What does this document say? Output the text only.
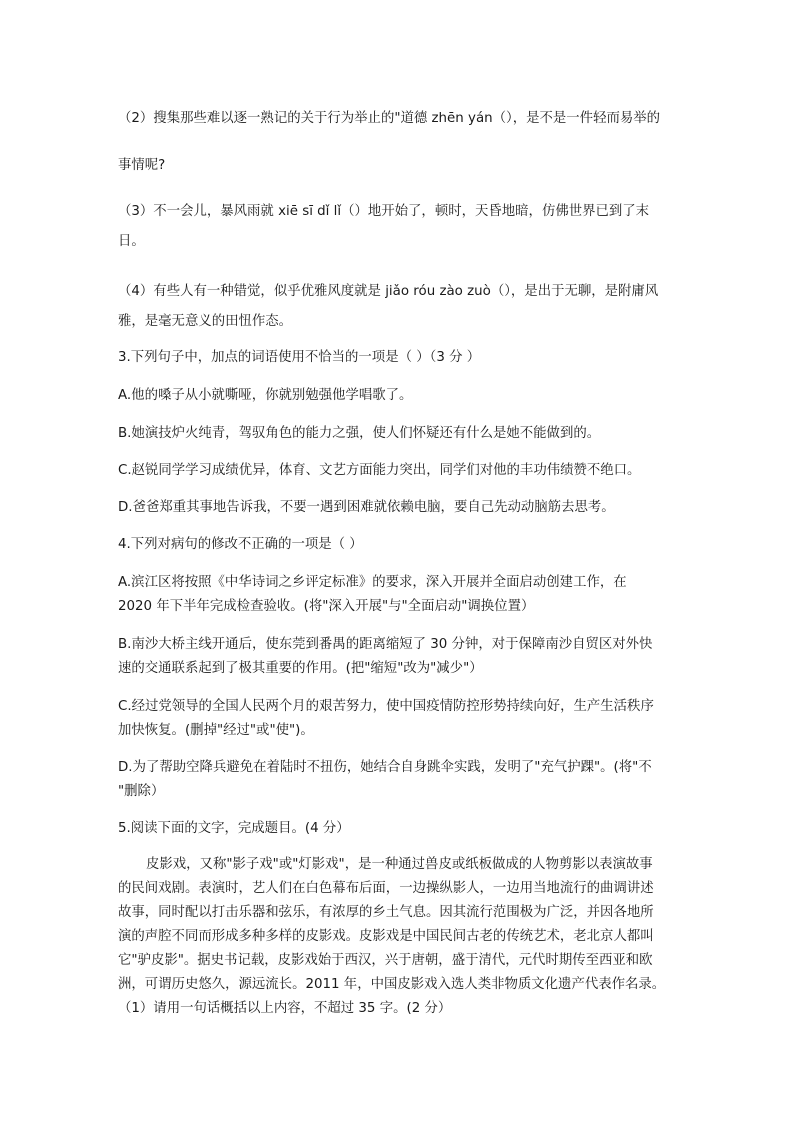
（2）搜集那些难以逐一熟记的关于行为举止的"道德 zhēn yán（），是不是一件轻而易举的
事情呢?
（3）不一会儿，暴风雨就 xiē sī dǐ lǐ（）地开始了，顿时，天昏地暗，仿佛世界已到了末
日。
（4）有些人有一种错觉，似乎优雅风度就是 jiǎo róu zào zuò（），是出于无聊，是附庸风
雅，是毫无意义的田忸作态。
3.下列句子中，加点的词语使用不恰当的一项是（ ）（3 分 ）
A.他的嗓子从小就嘶哑，你就别勉强他学唱歌了。
B.她演技炉火纯青，驾驭角色的能力之强，使人们怀疑还有什么是她不能做到的。
C.赵锐同学学习成绩优异，体育、文艺方面能力突出，同学们对他的丰功伟绩赞不绝口。
D.爸爸郑重其事地告诉我，不要一遇到困难就依赖电脑，要自己先动动脑筋去思考。
4.下列对病句的修改不正确的一项是（ ）
A.滨江区将按照《中华诗词之乡评定标准》的要求，深入开展并全面启动创建工作，在
2020 年下半年完成检查验收。(将"深入开展"与"全面启动"调换位置）
B.南沙大桥主线开通后，使东莞到番禺的距离缩短了 30 分钟，对于保障南沙自贸区对外快
速的交通联系起到了极其重要的作用。(把"缩短"改为"减少"）
C.经过党领导的全国人民两个月的艰苦努力，使中国疫情防控形势持续向好，生产生活秩序
加快恢复。(删掉"经过"或"使")。
D.为了帮助空降兵避免在着陆时不扭伤，她结合自身跳伞实践，发明了"充气护踝"。(将"不
"删除）
5.阅读下面的文字，完成题目。(4 分）
皮影戏，又称"影子戏"或"灯影戏"，是一种通过兽皮或纸板做成的人物剪影以表演故事
的民间戏剧。表演时，艺人们在白色幕布后面，一边操纵影人，一边用当地流行的曲调讲述
故事，同时配以打击乐器和弦乐，有浓厚的乡土气息。因其流行范围极为广泛，并因各地所
演的声腔不同而形成多种多样的皮影戏。皮影戏是中国民间古老的传统艺术，老北京人都叫
它"驴皮影"。据史书记载，皮影戏始于西汉，兴于唐朝，盛于清代，元代时期传至西亚和欧
洲，可谓历史悠久，源远流长。2011 年，中国皮影戏入选人类非物质文化遗产代表作名录。
（1）请用一句话概括以上内容，不超过 35 字。(2 分）
